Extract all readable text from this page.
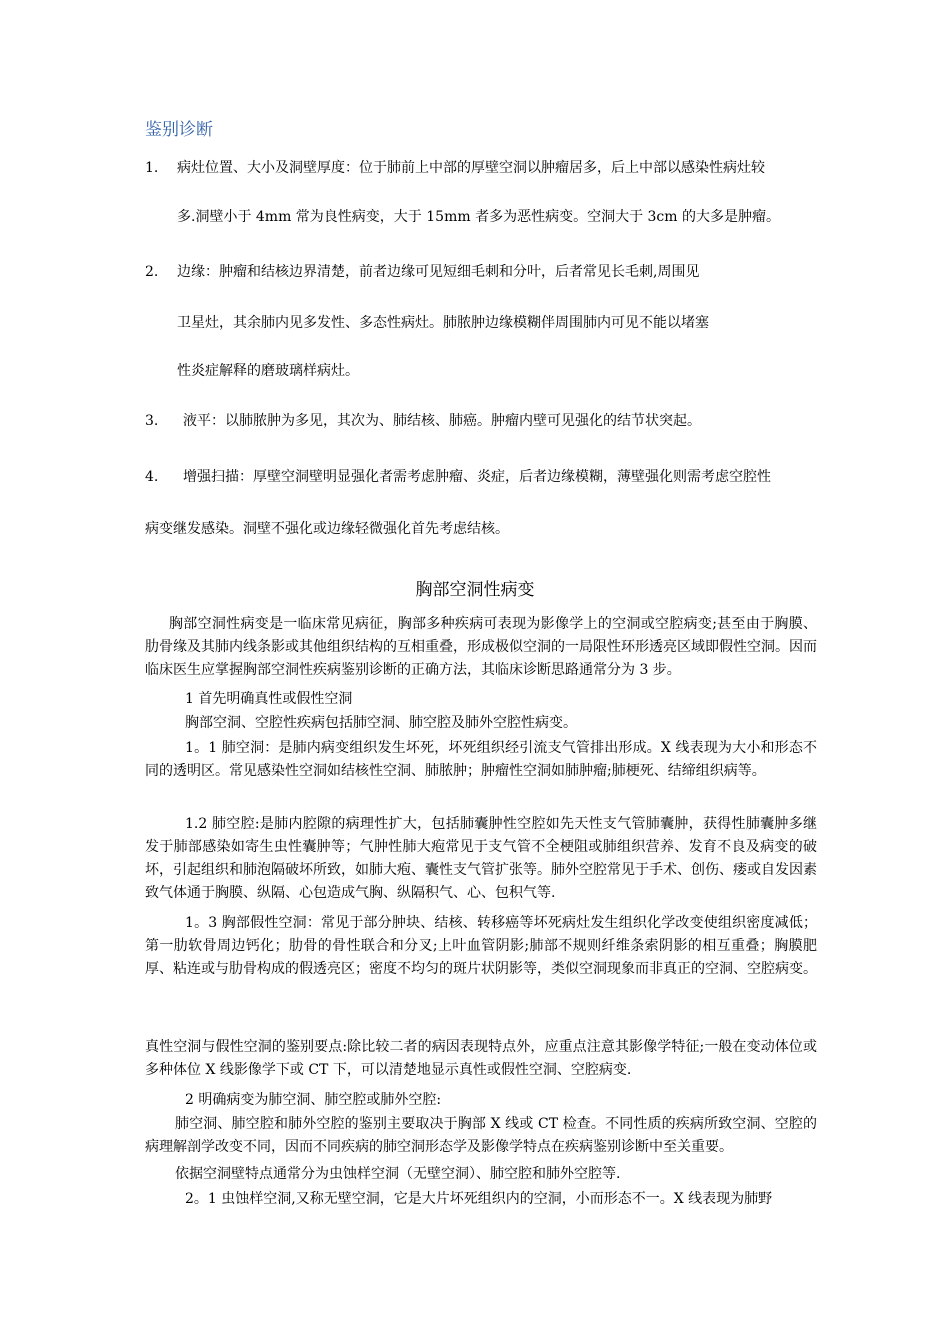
鉴别诊断
1. 病灶位置、大小及洞壁厚度：位于肺前上中部的厚壁空洞以肿瘤居多，后上中部以感染性病灶较
多.洞壁小于 4mm 常为良性病变，大于 15mm 者多为恶性病变。空洞大于 3cm 的大多是肿瘤。
2. 边缘：肿瘤和结核边界清楚，前者边缘可见短细毛刺和分叶，后者常见长毛刺,周围见
卫星灶，其余肺内见多发性、多态性病灶。肺脓肿边缘模糊伴周围肺内可见不能以堵塞
性炎症解释的磨玻璃样病灶。
3. 液平：以肺脓肿为多见，其次为、肺结核、肺癌。肿瘤内壁可见强化的结节状突起。
4. 增强扫描：厚壁空洞壁明显强化者需考虑肿瘤、炎症，后者边缘模糊，薄壁强化则需考虑空腔性
病变继发感染。洞壁不强化或边缘轻微强化首先考虑结核。
胸部空洞性病变
胸部空洞性病变是一临床常见病征，胸部多种疾病可表现为影像学上的空洞或空腔病变;甚至由于胸膜、肋骨缘及其肺内线条影或其他组织结构的互相重叠，形成极似空洞的一局限性环形透亮区域即假性空洞。因而临床医生应掌握胸部空洞性疾病鉴别诊断的正确方法，其临床诊断思路通常分为 3 步。
1 首先明确真性或假性空洞
胸部空洞、空腔性疾病包括肺空洞、肺空腔及肺外空腔性病变。
1。1 肺空洞：是肺内病变组织发生坏死，坏死组织经引流支气管排出形成。X 线表现为大小和形态不同的透明区。常见感染性空洞如结核性空洞、肺脓肿；肿瘤性空洞如肺肿瘤;肺梗死、结缔组织病等。
1.2 肺空腔:是肺内腔隙的病理性扩大，包括肺囊肿性空腔如先天性支气管肺囊肿，获得性肺囊肿多继发于肺部感染如寄生虫性囊肿等；气肿性肺大疱常见于支气管不全梗阻或肺组织营养、发育不良及病变的破坏，引起组织和肺泡隔破坏所致，如肺大疱、囊性支气管扩张等。肺外空腔常见于手术、创伤、瘘或自发因素致气体通于胸膜、纵隔、心包造成气胸、纵隔积气、心、包积气等.
1。3 胸部假性空洞：常见于部分肿块、结核、转移癌等坏死病灶发生组织化学改变使组织密度减低；第一肋软骨周边钙化；肋骨的骨性联合和分叉;上叶血管阴影;肺部不规则纤维条索阴影的相互重叠；胸膜肥厚、粘连或与肋骨构成的假透亮区；密度不均匀的斑片状阴影等，类似空洞现象而非真正的空洞、空腔病变。
真性空洞与假性空洞的鉴别要点:除比较二者的病因表现特点外，应重点注意其影像学特征;一般在变动体位或多种体位 X 线影像学下或 CT 下，可以清楚地显示真性或假性空洞、空腔病变.
2 明确病变为肺空洞、肺空腔或肺外空腔:
肺空洞、肺空腔和肺外空腔的鉴别主要取决于胸部 X 线或 CT 检查。不同性质的疾病所致空洞、空腔的病理解剖学改变不同，因而不同疾病的肺空洞形态学及影像学特点在疾病鉴别诊断中至关重要。
依据空洞壁特点通常分为虫蚀样空洞（无壁空洞）、肺空腔和肺外空腔等.
2。1 虫蚀样空洞,又称无壁空洞，它是大片坏死组织内的空洞，小而形态不一。X 线表现为肺野
